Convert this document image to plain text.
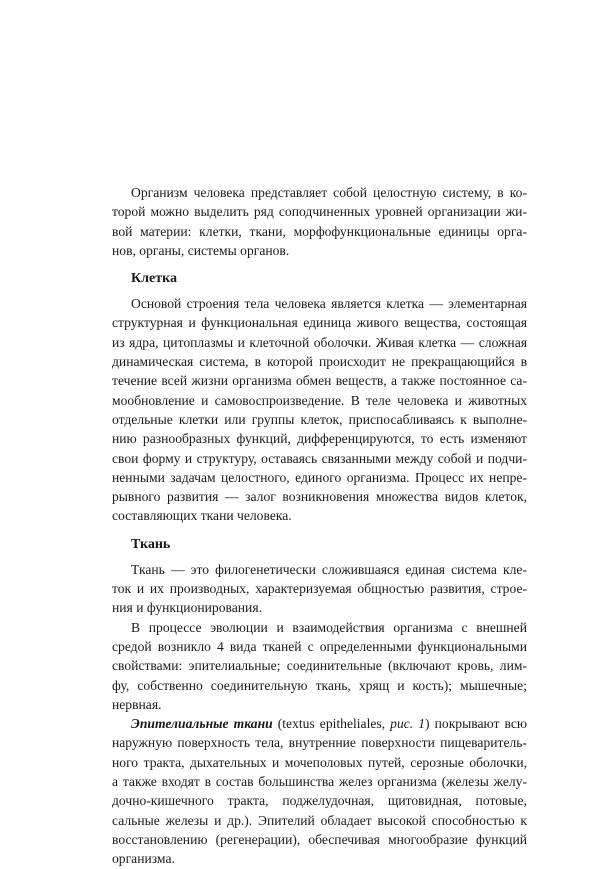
Организм человека представляет собой целостную систему, в ко-
торой можно выделить ряд соподчиненных уровней организации жи-
вой материи: клетки, ткани, морфофункциональные единицы орга-
нов, органы, системы органов.
Клетка
Основой строения тела человека является клетка — элементарная
структурная и функциональная единица живого вещества, состоящая
из ядра, цитоплазмы и клеточной оболочки. Живая клетка — сложная
динамическая система, в которой происходит не прекращающийся в
течение всей жизни организма обмен веществ, а также постоянное са-
мообновление и самовоспроизведение. В теле человека и животных
отдельные клетки или группы клеток, приспосабливаясь к выполне-
нию разнообразных функций, дифференцируются, то есть изменяют
свои форму и структуру, оставаясь связанными между собой и подчи-
ненными задачам целостного, единого организма. Процесс их непре-
рывного развития — залог возникновения множества видов клеток,
составляющих ткани человека.
Ткань
Ткань — это филогенетически сложившаяся единая система кле-
ток и их производных, характеризуемая общностью развития, строе-
ния и функционирования.
В процессе эволюции и взаимодействия организма с внешней
средой возникло 4 вида тканей с определенными функциональными
свойствами: эпителиальные; соединительные (включают кровь, лим-
фу, собственно соединительную ткань, хрящ и кость); мышечные;
нервная.
Эпителиальные ткани (textus epitheliales, рис. 1) покрывают всю
наружную поверхность тела, внутренние поверхности пищеваритель-
ного тракта, дыхательных и мочеполовых путей, серозные оболочки,
а также входят в состав большинства желез организма (железы желу-
дочно-кишечного тракта, поджелудочная, щитовидная, потовые,
сальные железы и др.). Эпителий обладает высокой способностью к
восстановлению (регенерации), обеспечивая многообразие функций
организма.
